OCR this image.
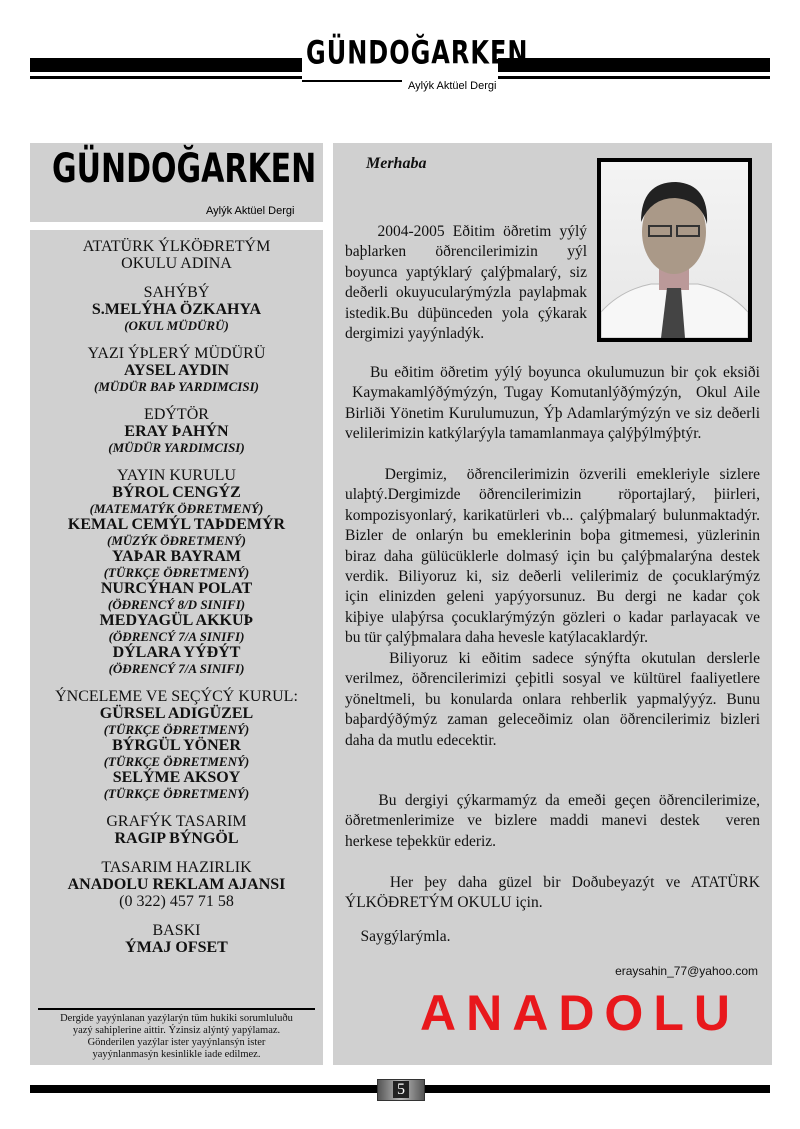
GÜNDOĞARKEN
Aylýk Aktüel Dergi
GÜNDOĞARKEN
Aylýk Aktüel Dergi
ATATÜRK ÝLKÖÐRETÝM
OKULU ADINA
SAHÝBÝ
S.MELÝHA ÖZKAHYA
(OKUL MÜDÜRÜ)
YAZI ÝÞLERÝ MÜDÜRÜ
AYSEL AYDIN
(MÜDÜR BAÞ YARDIMCISI)
EDÝTÖR
ERAY ÞAHÝN
(MÜDÜR YARDIMCISI)
YAYIN KURULU
BÝROL CENGÝZ
(MATEMATÝK ÖÐRETMENÝ)
KEMAL CEMÝL TAÞDEMÝR
(MÜZÝK ÖÐRETMENÝ)
YAÞAR BAYRAM
(TÜRKÇE ÖÐRETMENÝ)
NURCÝHAN POLAT
(ÖÐRENCÝ 8/D SINIFI)
MEDYAGÜL AKKUÞ
(ÖÐRENCÝ 7/A SINIFI)
DÝLARA YÝÐÝT
(ÖÐRENCÝ 7/A SINIFI)
ÝNCELEME VE SEÇÝCÝ KURUL:
GÜRSEL ADIGÜZEL
(TÜRKÇE ÖÐRETMENÝ)
BÝRGÜL YÖNER
(TÜRKÇE ÖÐRETMENÝ)
SELÝME AKSOY
(TÜRKÇE ÖÐRETMENÝ)
GRAFÝK TASARIM
RAGIP BÝNGÖL
TASARIM HAZIRLIK
ANADOLU REKLAM AJANSI
(0 322) 457 71 58
BASKI
ÝMAJ OFSET
Dergide yayýnlanan yazýlarýn tüm hukiki sorumluluðu
yazý sahiplerine aittir. Ýzinsiz alýntý yapýlamaz.
Gönderilen yazýlar ister yayýnlansýn ister
yayýnlanmasýn kesinlikle iade edilmez.
Merhaba
2004-2005 Eðitim öðretim yýlý
baþlarken öðrencilerimizin yýl
boyunca yaptýklarý çalýþmalarý, siz
deðerli okuyucularýmýzla paylaþmak
istedik.Bu düþünceden yola çýkarak
dergimizi yayýnladýk.
Bu eðitim öðretim yýlý boyunca okulumuzun bir çok eksiði
Kaymakamlýðýmýzýn, Tugay Komutanlýðýmýzýn,  Okul Aile
Birliði Yönetim Kurulumuzun, Ýþ Adamlarýmýzýn ve siz deðerli
velilerimizin katkýlarýyla tamamlanmaya çalýþýlmýþtýr.
Dergimiz,  öðrencilerimizin özverili emekleriyle sizlere
ulaþtý.Dergimizde öðrencilerimizin  röportajlarý, þiirleri,
kompozisyonlarý, karikatürleri vb... çalýþmalarý bulunmaktadýr.
Bizler de onlarýn bu emeklerinin boþa gitmemesi, yüzlerinin
biraz daha gülücüklerle dolmasý için bu çalýþmalarýna destek
verdik. Biliyoruz ki, siz deðerli velilerimiz de çocuklarýmýz
için elinizden geleni yapýyorsunuz. Bu dergi ne kadar çok
kiþiye ulaþýrsa çocuklarýmýzýn gözleri o kadar parlayacak ve
bu tür çalýþmalara daha hevesle katýlacaklardýr.
Biliyoruz ki eðitim sadece sýnýfta okutulan derslerle
verilmez, öðrencilerimizi çeþitli sosyal ve kültürel faaliyetlere
yöneltmeli, bu konularda onlara rehberlik yapmalýyýz. Bunu
baþardýðýmýz zaman geleceðimiz olan öðrencilerimiz bizleri
daha da mutlu edecektir.
Bu dergiyi çýkarmamýz da emeði geçen öðrencilerimize,
öðretmenlerimize ve bizlere maddi manevi destek  veren
herkese teþekkür ederiz.
Her þey daha güzel bir Doðubeyazýt ve ATATÜRK
ÝLKÖÐRETÝM OKULU için.
Saygýlarýmla.
eraysahin_77@yahoo.com
ANADOLU
5
